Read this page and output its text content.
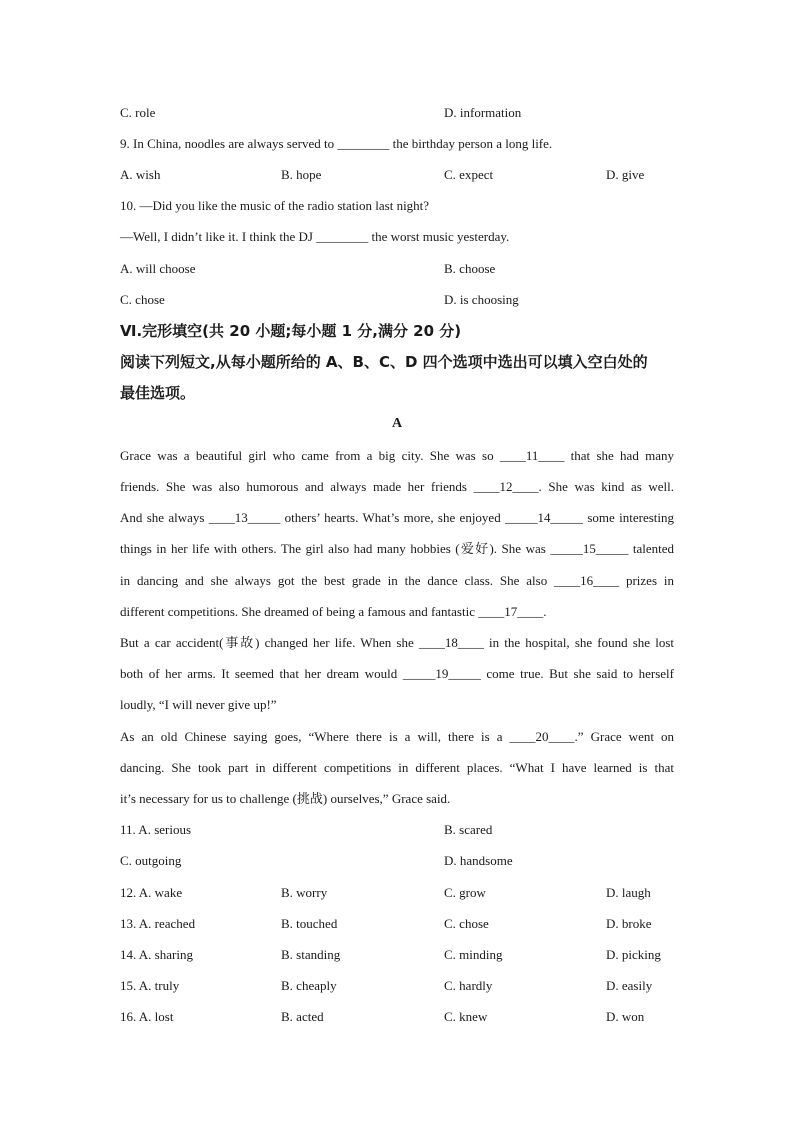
C. role	D. information
9. In China, noodles are always served to ________ the birthday person a long life.
A. wish	B. hope	C. expect	D. give
10. —Did you like the music of the radio station last night?
—Well, I didn’t like it. I think the DJ ________ the worst music yesterday.
A. will choose	B. choose
C. chose	D. is choosing
Ⅵ.完形填空(共 20 小题;每小题 1 分,满分 20 分)
阅读下列短文,从每小题所给的 A、B、C、D 四个选项中选出可以填入空白处的
最佳选项。
A
Grace was a beautiful girl who came from a big city. She was so ____11____ that she had many
friends. She was also humorous and always made her friends ____12____. She was kind as well.
And she always ____13_____ others’ hearts. What’s more, she enjoyed _____14_____ some interesting
things in her life with others. The girl also had many hobbies (爱好). She was _____15_____ talented
in dancing and she always got the best grade in the dance class. She also ____16____ prizes in
different competitions. She dreamed of being a famous and fantastic ____17____.
But a car accident(事故) changed her life. When she ____18____ in the hospital, she found she lost
both of her arms. It seemed that her dream would _____19_____ come true. But she said to herself
loudly, “I will never give up!”
As an old Chinese saying goes, “Where there is a will, there is a ____20____.” Grace went on
dancing. She took part in different competitions in different places. “What I have learned is that
it’s necessary for us to challenge (挑战) ourselves,” Grace said.
11. A. serious	B. scared
C. outgoing	D. handsome
12. A. wake	B. worry	C. grow	D. laugh
13. A. reached	B. touched	C. chose	D. broke
14. A. sharing	B. standing	C. minding	D. picking
15. A. truly	B. cheaply	C. hardly	D. easily
16. A. lost	B. acted	C. knew	D. won
